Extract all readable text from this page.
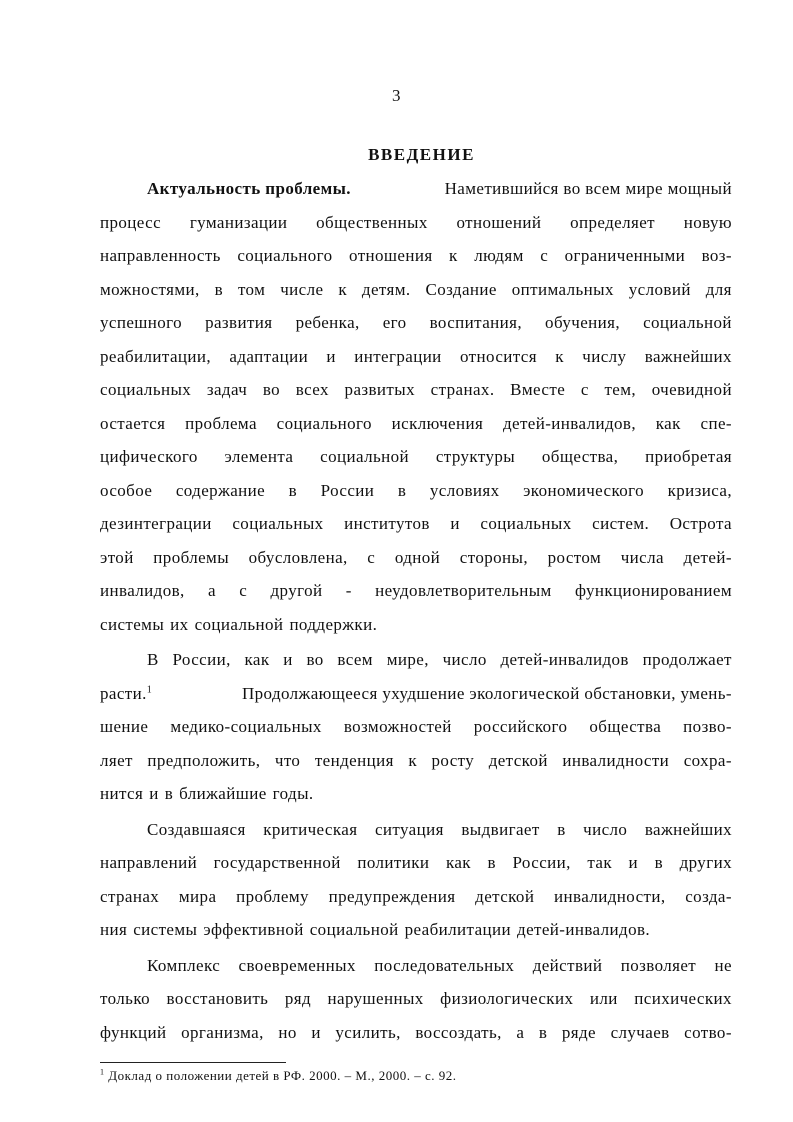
3
ВВЕДЕНИЕ
Актуальность проблемы.	Наметившийся во всем мире мощный
процесс гуманизации общественных отношений определяет новую
направленность социального отношения к людям с ограниченными воз-
можностями, в том числе к детям. Создание оптимальных условий для
успешного развития ребенка, его воспитания, обучения, социальной
реабилитации, адаптации и интеграции относится к числу важнейших
социальных задач во всех развитых странах. Вместе с тем, очевидной
остается проблема социального исключения детей-инвалидов, как спе-
цифического элемента социальной структуры общества, приобретая
особое содержание в России в условиях экономического кризиса,
дезинтеграции социальных институтов и социальных систем. Острота
этой проблемы обусловлена, с одной стороны, ростом числа детей-
инвалидов, а с другой - неудовлетворительным функционированием
системы их социальной поддержки.
В России, как и во всем мире, число детей-инвалидов продолжает
расти.$^1$	Продолжающееся ухудшение экологической обстановки, умень-
шение медико-социальных возможностей российского общества позво-
ляет предположить, что тенденция к росту детской инвалидности сохра-
нится и в ближайшие годы.
Создавшаяся критическая ситуация выдвигает в число важнейших
направлений государственной политики как в России, так и в других
странах мира проблему предупреждения детской инвалидности, созда-
ния системы эффективной социальной реабилитации детей-инвалидов.
Комплекс своевременных последовательных действий позволяет не
только восстановить ряд нарушенных физиологических или психических
функций организма, но и усилить, воссоздать, а в ряде случаев сотво-
$^1$ Доклад о положении детей в РФ. 2000. – М., 2000. – с. 92.
